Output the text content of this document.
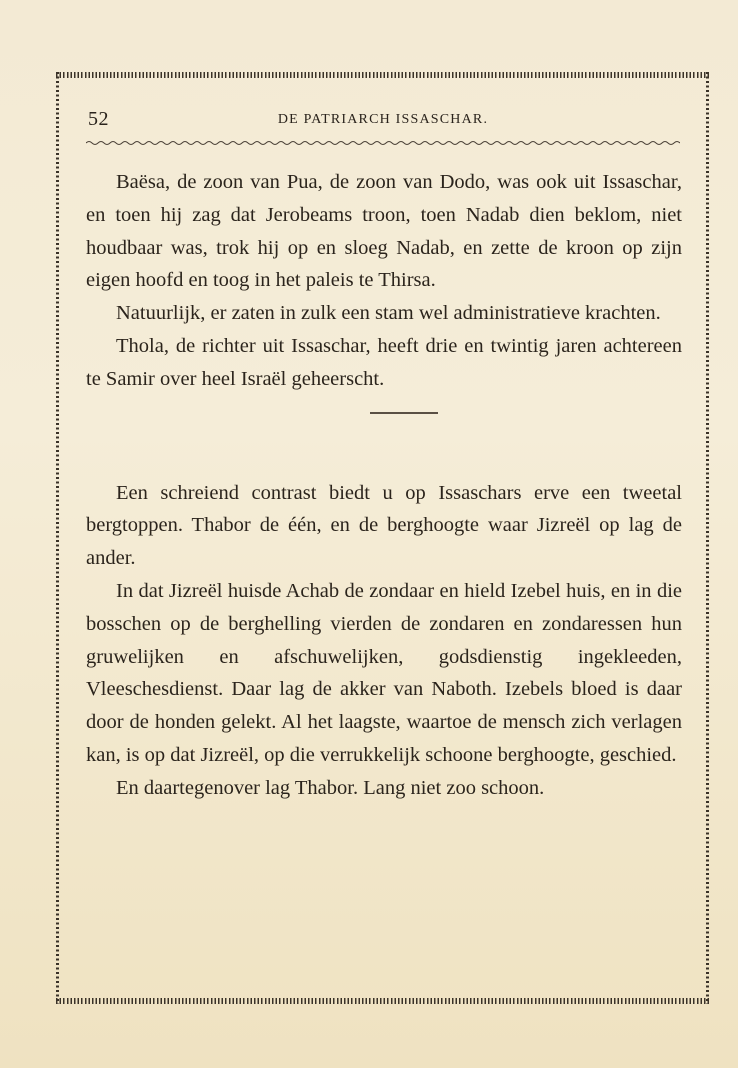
52	DE PATRIARCH ISSASCHAR.

Baësa, de zoon van Pua, de zoon van Dodo, was ook uit Issaschar, en toen hij zag dat Jerobeams troon, toen Nadab dien beklom, niet houdbaar was, trok hij op en sloeg Nadab, en zette de kroon op zijn eigen hoofd en toog in het paleis te Thirsa.

Natuurlijk, er zaten in zulk een stam wel administratieve krachten.

Thola, de richter uit Issaschar, heeft drie en twintig jaren achtereen te Samir over heel Israël geheerscht.

Een schreiend contrast biedt u op Issaschars erve een tweetal bergtoppen. Thabor de één, en de berghoogte waar Jizreël op lag de ander.

In dat Jizreël huisde Achab de zondaar en hield Izebel huis, en in die bosschen op de berghelling vierden de zondaren en zondaressen hun gruwelijken en afschuwelijken, godsdienstig ingekleeden, Vleeschesdienst. Daar lag de akker van Naboth. Izebels bloed is daar door de honden gelekt. Al het laagste, waartoe de mensch zich verlagen kan, is op dat Jizreël, op die verrukkelijk schoone berghoogte, geschied.

En daartegenover lag Thabor. Lang niet zoo schoon.
